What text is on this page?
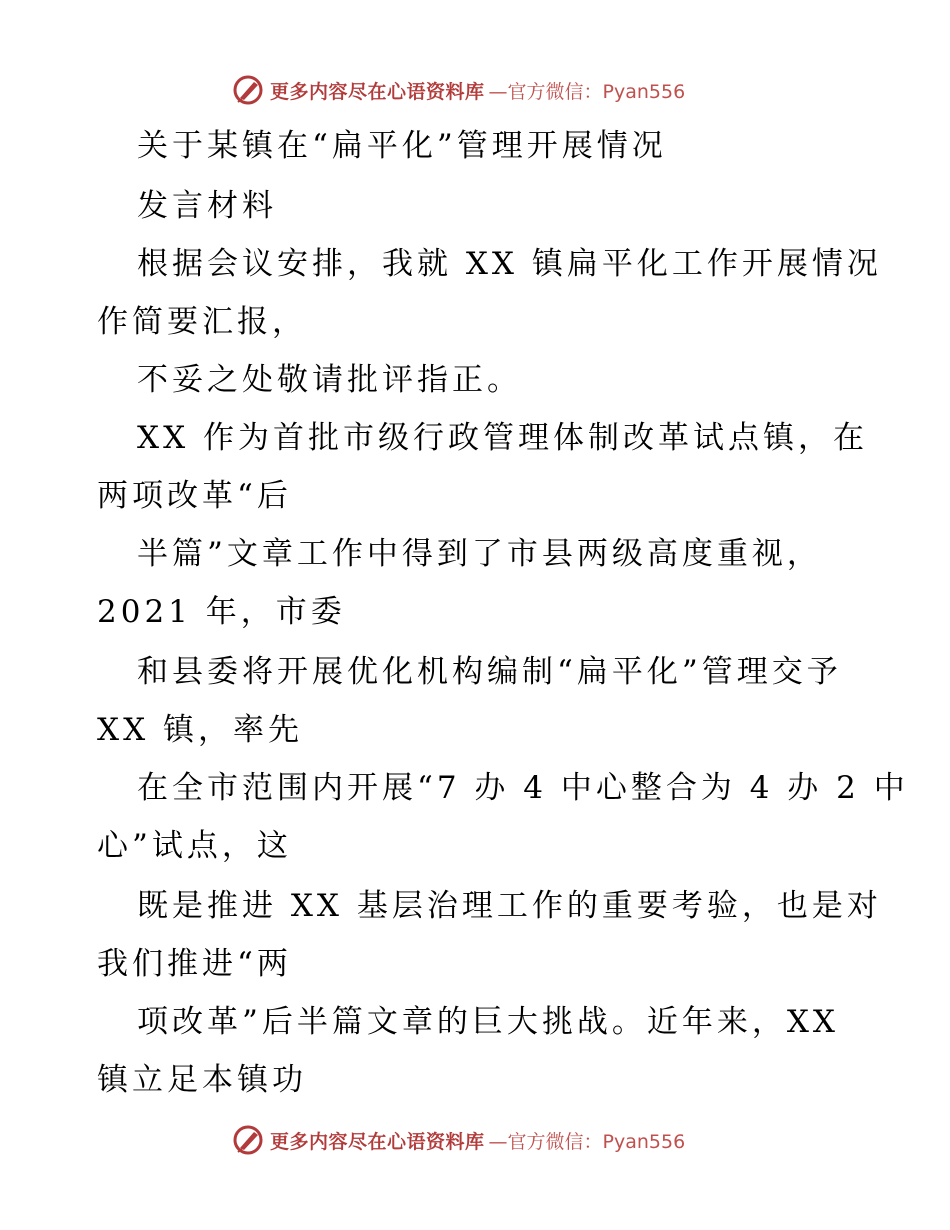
更多内容尽在心语资料库 —官方微信：Pyan556
关于某镇在“扁平化”管理开展情况
发言材料
根据会议安排，我就 XX 镇扁平化工作开展情况
作简要汇报，
不妥之处敬请批评指正。
XX 作为首批市级行政管理体制改革试点镇，在
两项改革“后
半篇”文章工作中得到了市县两级高度重视，
2021 年，市委
和县委将开展优化机构编制“扁平化”管理交予
XX 镇，率先
在全市范围内开展“7 办 4 中心整合为 4 办 2 中
心”试点，这
既是推进 XX 基层治理工作的重要考验，也是对
我们推进“两
项改革”后半篇文章的巨大挑战。近年来，XX
镇立足本镇功
更多内容尽在心语资料库 —官方微信：Pyan556
